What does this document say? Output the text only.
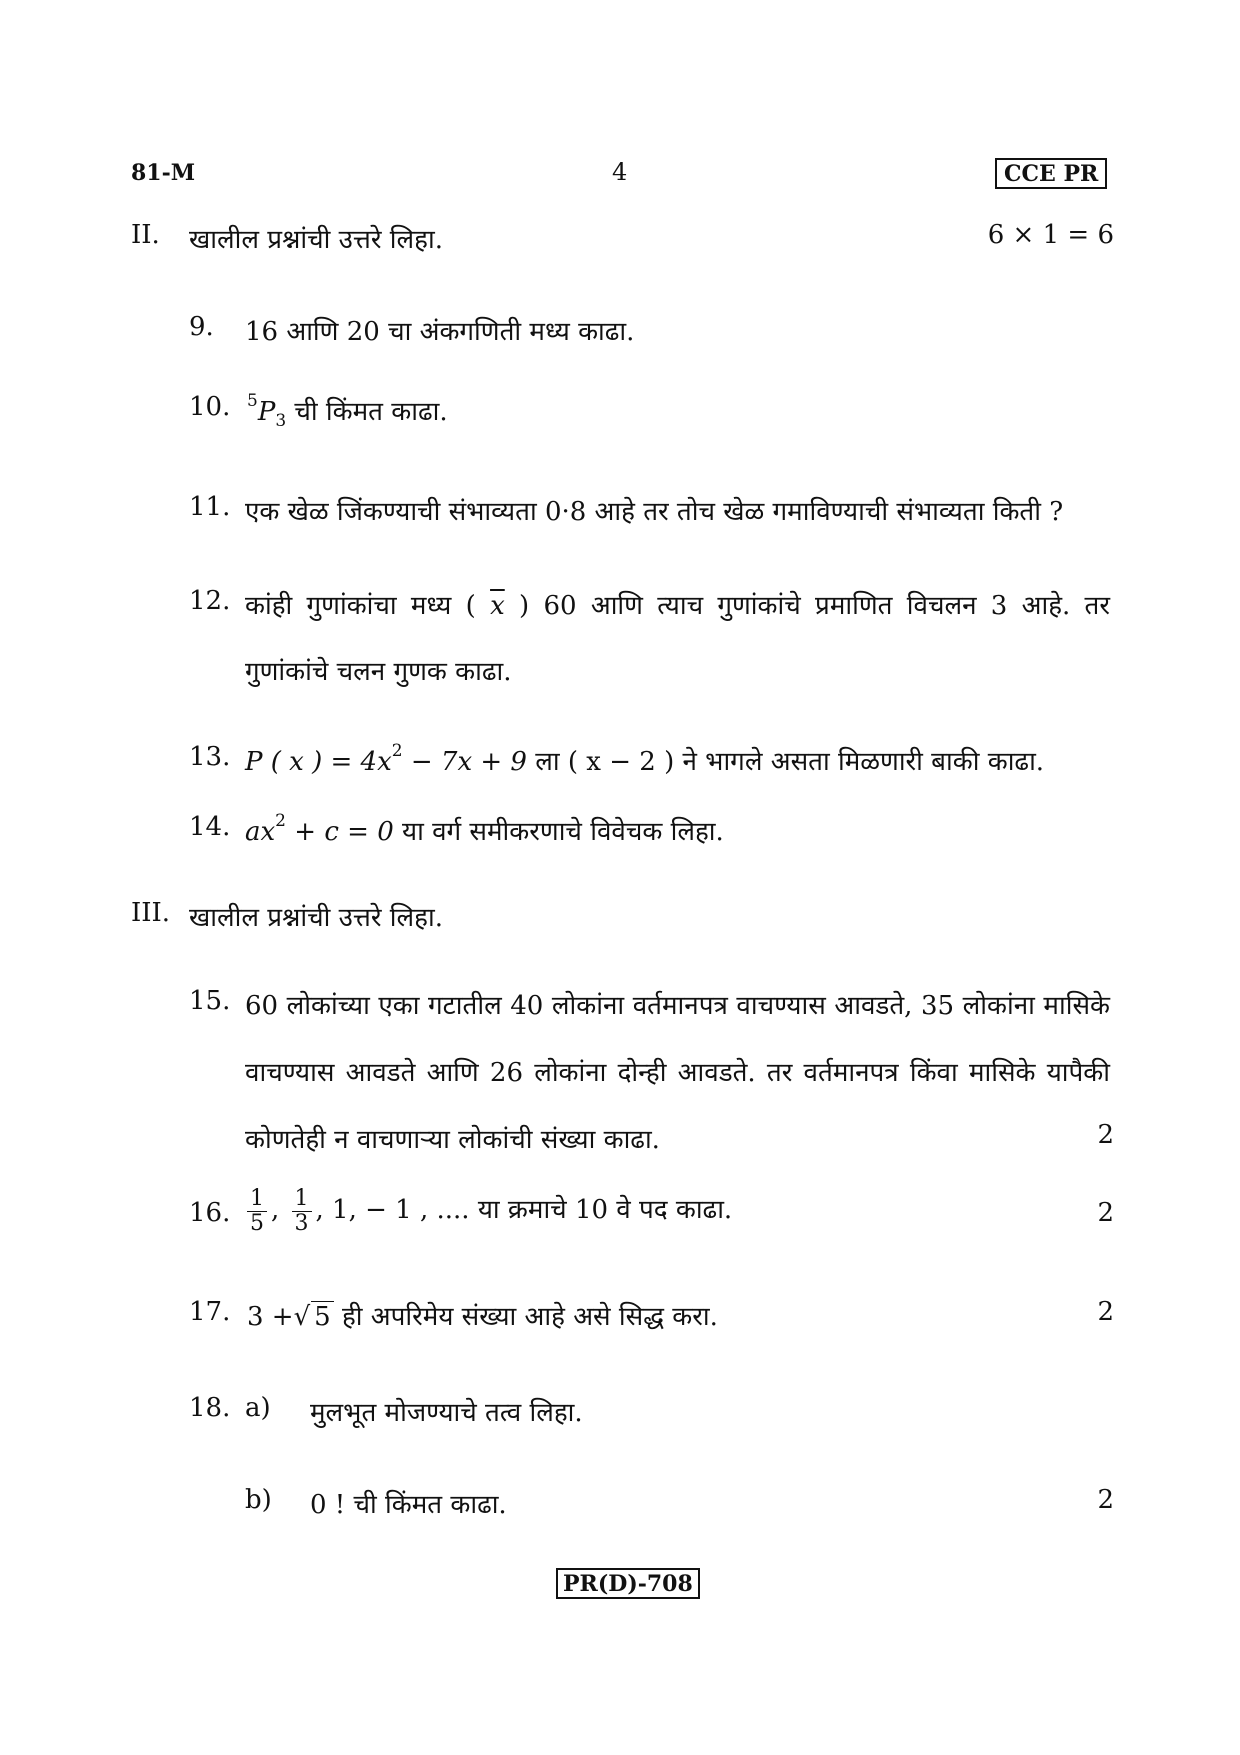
81-M	4	CCE PR
II. खालील प्रश्नांची उत्तरे लिहा.	6 × 1 = 6
9. 16 आणि 20 चा अंकगणिती मध्य काढा.
10. $^5P_3$ ची किंमत काढा.
11. एक खेळ जिंकण्याची संभाव्यता 0·8 आहे तर तोच खेळ गमाविण्याची संभाव्यता किती ?
12. कांही गुणांकांचा मध्य ( $\overline{x}$ ) 60 आणि त्याच गुणांकांचे प्रमाणित विचलन 3 आहे. तर
गुणांकांचे चलन गुणक काढा.
13. P ( x ) = $4x^2 - 7x + 9$ ला ( x − 2 ) ने भागले असता मिळणारी बाकी काढा.
14. $ax^2 + c = 0$ या वर्ग समीकरणाचे विवेचक लिहा.
III. खालील प्रश्नांची उत्तरे लिहा.
15. 60 लोकांच्या एका गटातील 40 लोकांना वर्तमानपत्र वाचण्यास आवडते, 35 लोकांना मासिके
वाचण्यास आवडते आणि 26 लोकांना दोन्ही आवडते. तर वर्तमानपत्र किंवा मासिके यापैकी
कोणतेही न वाचणाऱ्या लोकांची संख्या काढा.	2
16. $\frac{1}{5}$ , $\frac{1}{3}$ , 1, − 1 , .... या क्रमाचे 10 वे पद काढा.	2
17. 3 +√ 5 ही अपरिमेय संख्या आहे असे सिद्ध करा.	2
18. a) मुलभूत मोजण्याचे तत्व लिहा.
b) 0 ! ची किंमत काढा.	2
PR(D)-708
